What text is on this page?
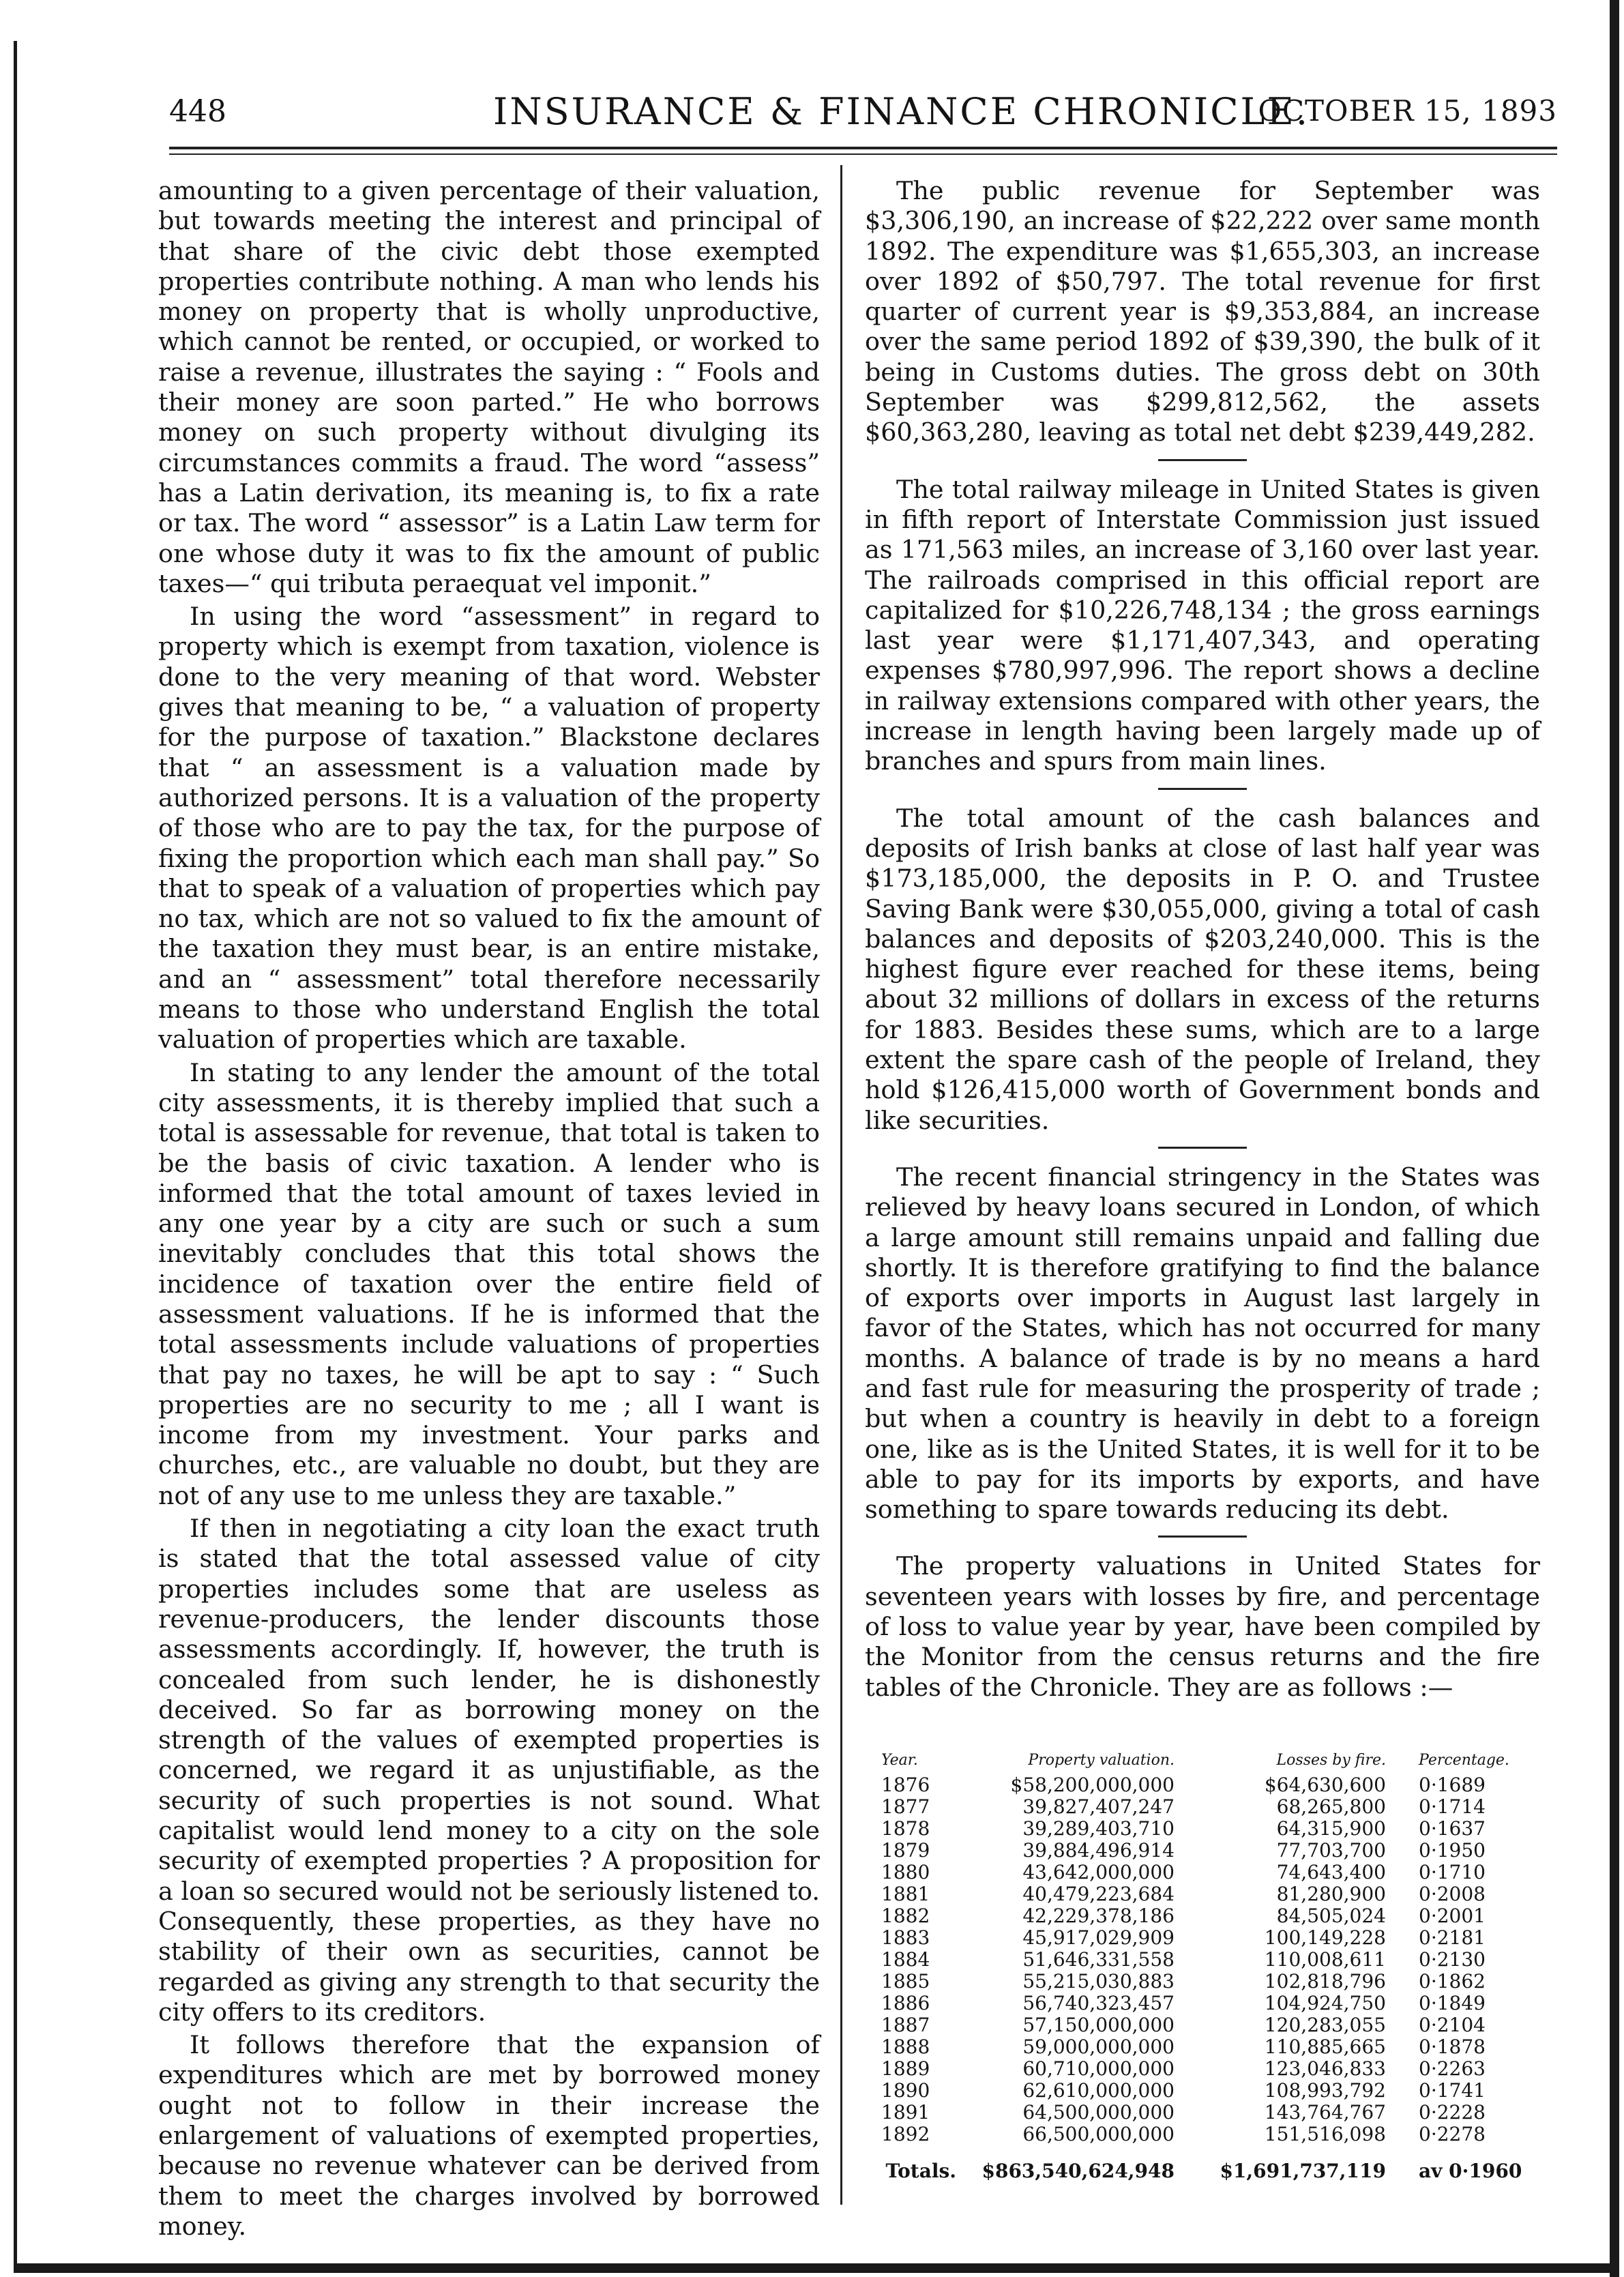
448	INSURANCE & FINANCE CHRONICLE.
OCTOBER 15, 1893

amounting to a given percentage of their valuation, but towards meeting the interest and principal of that share of the civic debt those exempted properties contribute nothing. A man who lends his money on property that is wholly unproductive, which cannot be rented, or occupied, or worked to raise a revenue, illustrates the saying : “ Fools and their money are soon parted.” He who borrows money on such property without divulging its circumstances commits a fraud. The word “assess” has a Latin derivation, its meaning is, to fix a rate or tax. The word “ assessor” is a Latin Law term for one whose duty it was to fix the amount of public taxes—“ qui tributa peraequat vel imponit.”

In using the word “assessment” in regard to property which is exempt from taxation, violence is done to the very meaning of that word. Webster gives that meaning to be, “ a valuation of property for the purpose of taxation.” Blackstone declares that “ an assessment is a valuation made by authorized persons. It is a valuation of the property of those who are to pay the tax, for the purpose of fixing the proportion which each man shall pay.” So that to speak of a valuation of properties which pay no tax, which are not so valued to fix the amount of the taxation they must bear, is an entire mistake, and an “ assessment” total therefore necessarily means to those who understand English the total valuation of properties which are taxable.

In stating to any lender the amount of the total city assessments, it is thereby implied that such a total is assessable for revenue, that total is taken to be the basis of civic taxation. A lender who is informed that the total amount of taxes levied in any one year by a city are such or such a sum inevitably concludes that this total shows the incidence of taxation over the entire field of assessment valuations. If he is informed that the total assessments include valuations of properties that pay no taxes, he will be apt to say : “ Such properties are no security to me ; all I want is income from my investment. Your parks and churches, etc., are valuable no doubt, but they are not of any use to me unless they are taxable.”

If then in negotiating a city loan the exact truth is stated that the total assessed value of city properties includes some that are useless as revenue-producers, the lender discounts those assessments accordingly. If, however, the truth is concealed from such lender, he is dishonestly deceived. So far as borrowing money on the strength of the values of exempted properties is concerned, we regard it as unjustifiable, as the security of such properties is not sound. What capitalist would lend money to a city on the sole security of exempted properties ? A proposition for a loan so secured would not be seriously listened to. Consequently, these properties, as they have no stability of their own as securities, cannot be regarded as giving any strength to that security the city offers to its creditors.

It follows therefore that the expansion of expenditures which are met by borrowed money ought not to follow in their increase the enlargement of valuations of exempted properties, because no revenue whatever can be derived from them to meet the charges involved by borrowed money.

The public revenue for September was $3,306,190, an increase of $22,222 over same month 1892. The expenditure was $1,655,303, an increase over 1892 of $50,797. The total revenue for first quarter of current year is $9,353,884, an increase over the same period 1892 of $39,390, the bulk of it being in Customs duties. The gross debt on 30th September was $299,812,562, the assets $60,363,280, leaving as total net debt $239,449,282.

The total railway mileage in United States is given in fifth report of Interstate Commission just issued as 171,563 miles, an increase of 3,160 over last year. The railroads comprised in this official report are capitalized for $10,226,748,134 ; the gross earnings last year were $1,171,407,343, and operating expenses $780,997,996. The report shows a decline in railway extensions compared with other years, the increase in length having been largely made up of branches and spurs from main lines.

The total amount of the cash balances and deposits of Irish banks at close of last half year was $173,185,000, the deposits in P. O. and Trustee Saving Bank were $30,055,000, giving a total of cash balances and deposits of $203,240,000. This is the highest figure ever reached for these items, being about 32 millions of dollars in excess of the returns for 1883. Besides these sums, which are to a large extent the spare cash of the people of Ireland, they hold $126,415,000 worth of Government bonds and like securities.

The recent financial stringency in the States was relieved by heavy loans secured in London, of which a large amount still remains unpaid and falling due shortly. It is therefore gratifying to find the balance of exports over imports in August last largely in favor of the States, which has not occurred for many months. A balance of trade is by no means a hard and fast rule for measuring the prosperity of trade ; but when a country is heavily in debt to a foreign one, like as is the United States, it is well for it to be able to pay for its imports by exports, and have something to spare towards reducing its debt.

The property valuations in United States for seventeen years with losses by fire, and percentage of loss to value year by year, have been compiled by the Monitor from the census returns and the fire tables of the Chronicle. They are as follows :—

Year.	Property valuation.	Losses by fire.	Percentage.
1876	$58,200,000,000	$64,630,600	0·1689
1877	39,827,407,247	68,265,800	0·1714
1878	39,289,403,710	64,315,900	0·1637
1879	39,884,496,914	77,703,700	0·1950
1880	43,642,000,000	74,643,400	0·1710
1881	40,479,223,684	81,280,900	0·2008
1882	42,229,378,186	84,505,024	0·2001
1883	45,917,029,909	100,149,228	0·2181
1884	51,646,331,558	110,008,611	0·2130
1885	55,215,030,883	102,818,796	0·1862
1886	56,740,323,457	104,924,750	0·1849
1887	57,150,000,000	120,283,055	0·2104
1888	59,000,000,000	110,885,665	0·1878
1889	60,710,000,000	123,046,833	0·2263
1890	62,610,000,000	108,993,792	0·1741
1891	64,500,000,000	143,764,767	0·2228
1892	66,500,000,000	151,516,098	0·2278
Totals.	$863,540,624,948	$1,691,737,119	av 0·1960
